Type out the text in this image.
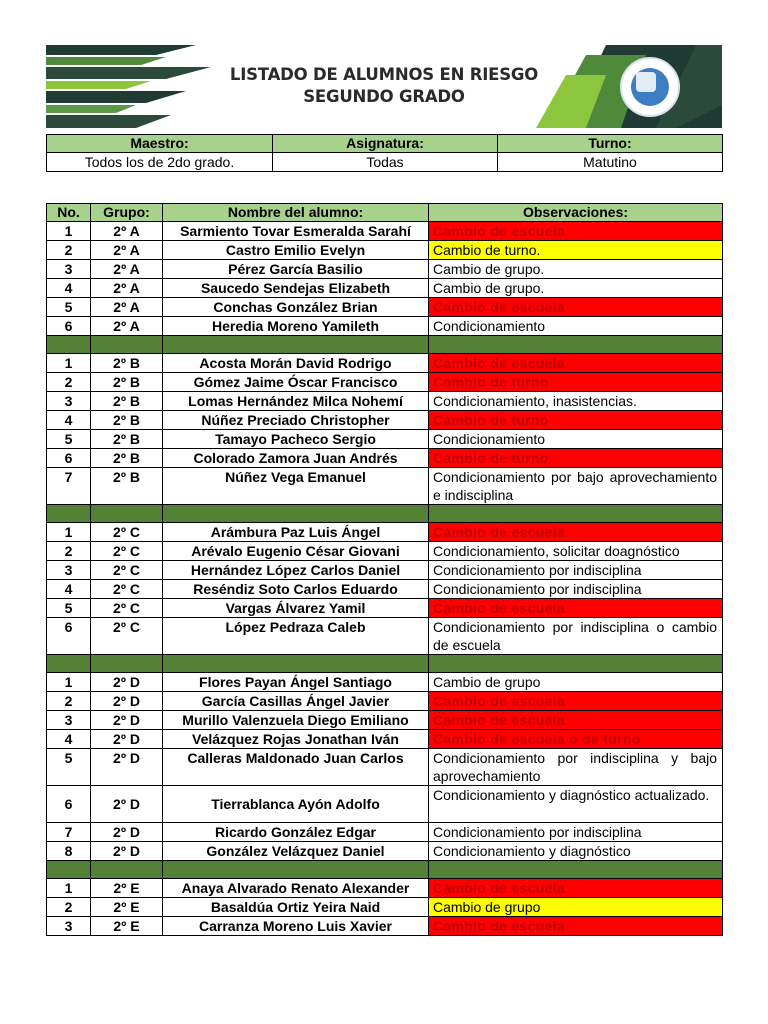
LISTADO DE ALUMNOS EN RIESGO
SEGUNDO GRADO
Maestro:	Asignatura:	Turno:
Todos los de 2do grado.	Todas	Matutino
No.	Grupo:	Nombre del alumno:	Observaciones:
1	2º A	Sarmiento Tovar Esmeralda Sarahí	Cambio de escuela
2	2º A	Castro Emilio Evelyn	Cambio de turno.
3	2º A	Pérez García Basilio	Cambio de grupo.
4	2º A	Saucedo Sendejas Elizabeth	Cambio de grupo.
5	2º A	Conchas González Brian	Cambio de escuela
6	2º A	Heredia Moreno Yamileth	Condicionamiento

1	2º B	Acosta Morán David Rodrigo	Cambio de escuela
2	2º B	Gómez Jaime Óscar Francisco	Cambio de turno
3	2º B	Lomas Hernández Milca Nohemí	Condicionamiento, inasistencias.
4	2º B	Núñez Preciado Christopher	Cambio de turno
5	2º B	Tamayo Pacheco Sergio	Condicionamiento
6	2º B	Colorado Zamora Juan Andrés	Cambio de turno
7	2º B	Núñez Vega Emanuel	Condicionamiento por bajo aprovechamiento e indisciplina

1	2º C	Arámbura Paz Luis Ángel	Cambio de escuela
2	2º C	Arévalo Eugenio César Giovani	Condicionamiento, solicitar doagnóstico
3	2º C	Hernández López Carlos Daniel	Condicionamiento por indisciplina
4	2º C	Reséndiz Soto Carlos Eduardo	Condicionamiento por indisciplina
5	2º C	Vargas Álvarez Yamil	Cambio de escuela
6	2º C	López Pedraza Caleb	Condicionamiento por indisciplina o cambio de escuela

1	2º D	Flores Payan Ángel Santiago	Cambio de grupo
2	2º D	García Casillas Ángel Javier	Cambio de escuela
3	2º D	Murillo Valenzuela Diego Emiliano	Cambio de escuela
4	2º D	Velázquez Rojas Jonathan Iván	Cambio de escuela o de turno
5	2º D	Calleras Maldonado Juan Carlos	Condicionamiento por indisciplina y bajo aprovechamiento
6	2º D	Tierrablanca Ayón Adolfo	Condicionamiento y diagnóstico actualizado.
7	2º D	Ricardo González Edgar	Condicionamiento por indisciplina
8	2º D	González Velázquez Daniel	Condicionamiento y diagnóstico

1	2º E	Anaya Alvarado Renato Alexander	Cambio de escuela
2	2º E	Basaldúa Ortiz Yeira Naid	Cambio de grupo
3	2º E	Carranza Moreno Luis Xavier	Cambio de escuela
